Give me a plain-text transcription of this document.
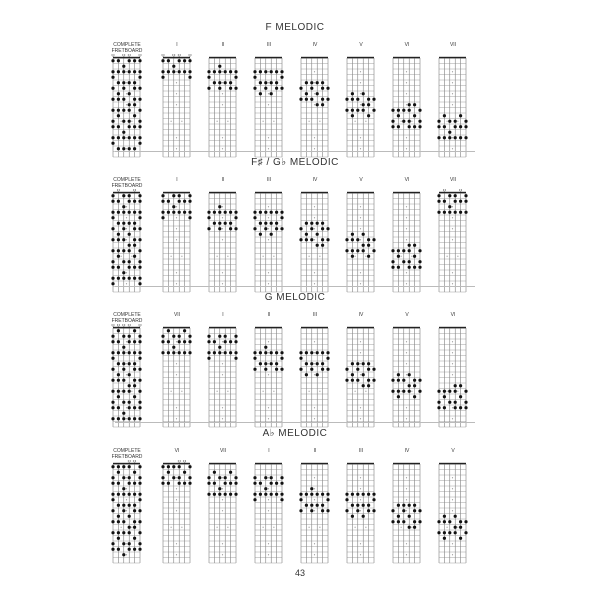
F MELODIC
COMPLETE
FRETBOARD
I	II	III	IV	V	VI	VII
F♯ / G♭ MELODIC
COMPLETE
FRETBOARD
I	II	III	IV	V	VI	VII
G MELODIC
COMPLETE
FRETBOARD
VII	I	II	III	IV	V	VI
A♭ MELODIC
COMPLETE
FRETBOARD
VI	VII	I	II	III	IV	V
43
